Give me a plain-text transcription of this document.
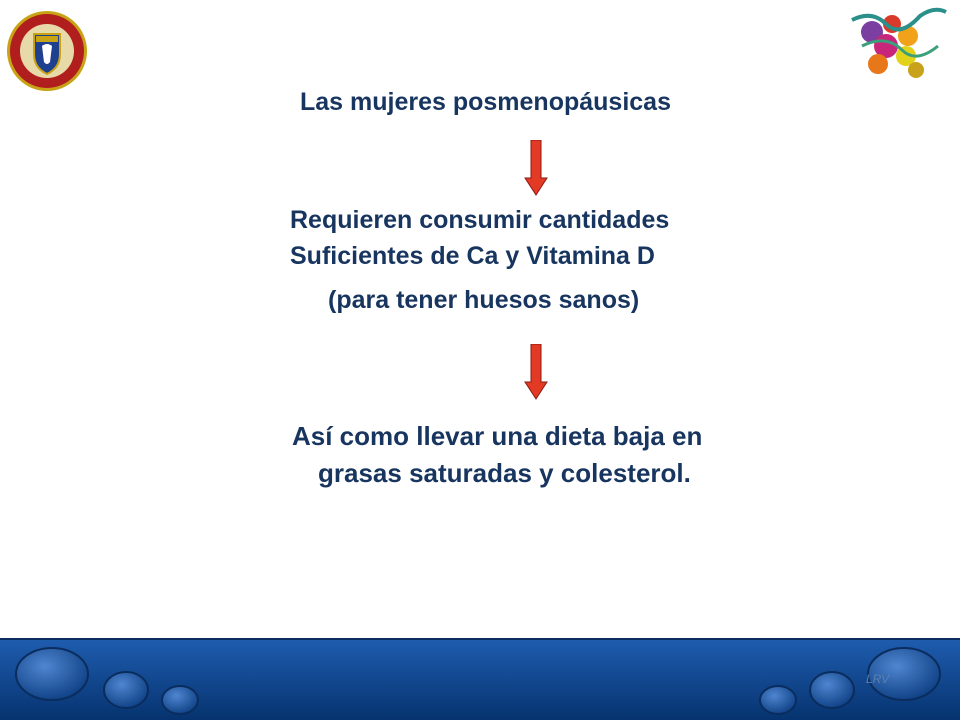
Las mujeres posmenopáusicas

Requieren consumir cantidades

Suficientes de Ca y Vitamina D

(para tener huesos sanos)

Así como llevar una dieta baja en

grasas saturadas y colesterol.

LRV
